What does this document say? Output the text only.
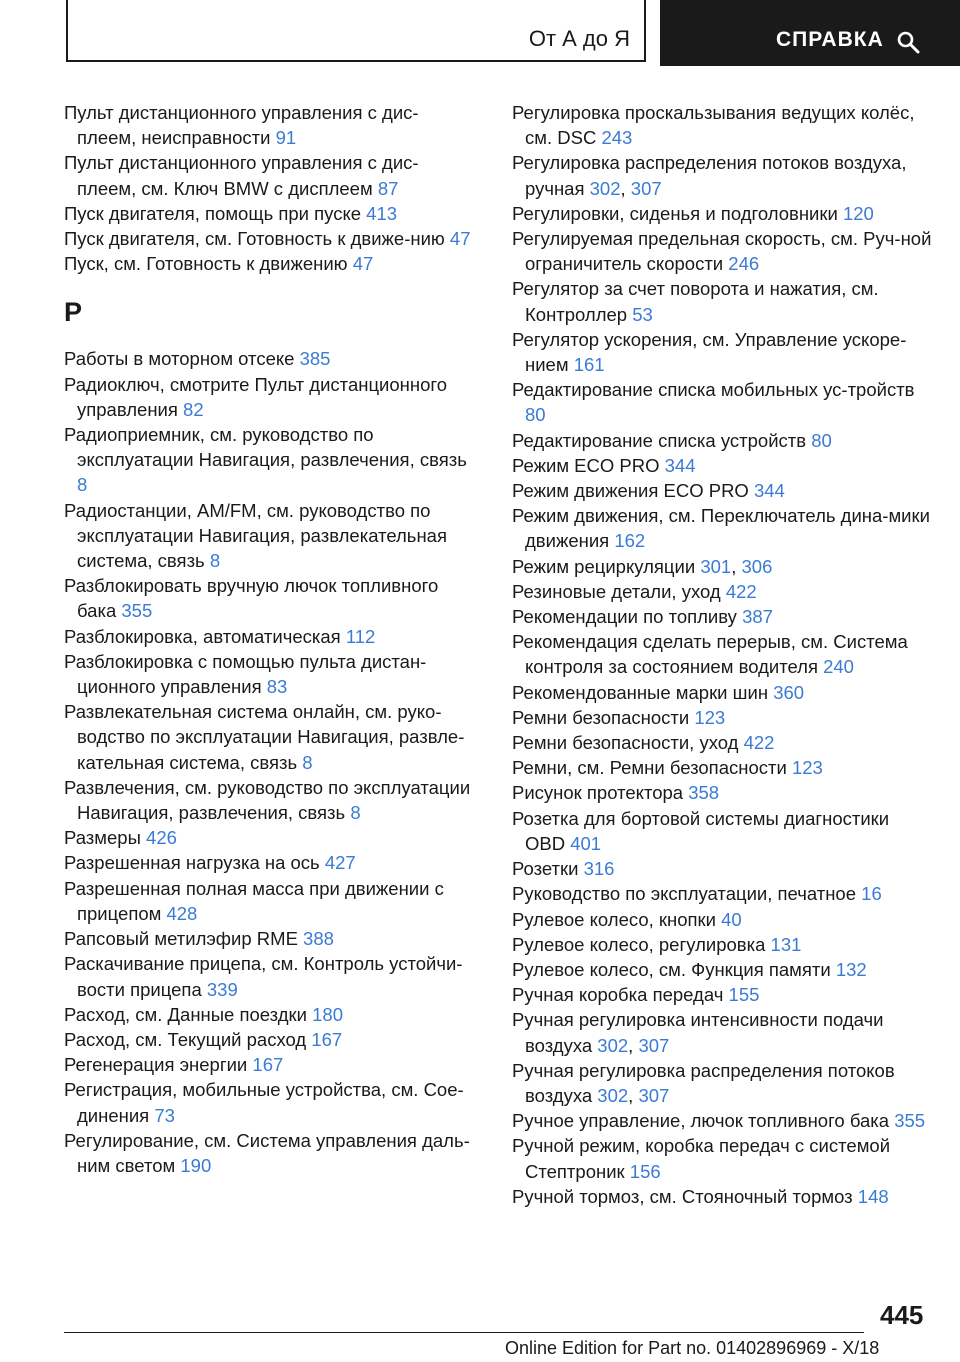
От А до Я	СПРАВКА
Пульт дистанционного управления с дис-плеем, неисправности 91
Пульт дистанционного управления с дис-плеем, см. Ключ BMW с дисплеем 87
Пуск двигателя, помощь при пуске 413
Пуск двигателя, см. Готовность к движе-нию 47
Пуск, см. Готовность к движению 47
Р
Работы в моторном отсеке 385
Радиоключ, смотрите Пульт дистанционного управления 82
Радиоприемник, см. руководство по эксплуатации Навигация, развлечения, связь 8
Радиостанции, AM/FM, см. руководство по эксплуатации Навигация, развлекательная система, связь 8
Разблокировать вручную лючок топливного бака 355
Разблокировка, автоматическая 112
Разблокировка с помощью пульта дистан-ционного управления 83
Развлекательная система онлайн, см. руко-водство по эксплуатации Навигация, развле-кательная система, связь 8
Развлечения, см. руководство по эксплуатации Навигация, развлечения, связь 8
Размеры 426
Разрешенная нагрузка на ось 427
Разрешенная полная масса при движении с прицепом 428
Рапсовый метилэфир RME 388
Раскачивание прицепа, см. Контроль устойчи-вости прицепа 339
Расход, см. Данные поездки 180
Расход, см. Текущий расход 167
Регенерация энергии 167
Регистрация, мобильные устройства, см. Сое-динения 73
Регулирование, см. Система управления даль-ним светом 190
Регулировка проскальзывания ведущих колёс, см. DSC 243
Регулировка распределения потоков воздуха, ручная 302, 307
Регулировки, сиденья и подголовники 120
Регулируемая предельная скорость, см. Руч-ной ограничитель скорости 246
Регулятор за счет поворота и нажатия, см. Контроллер 53
Регулятор ускорения, см. Управление ускоре-нием 161
Редактирование списка мобильных ус-тройств 80
Редактирование списка устройств 80
Режим ECO PRO 344
Режим движения ECO PRO 344
Режим движения, см. Переключатель дина-мики движения 162
Режим рециркуляции 301, 306
Резиновые детали, уход 422
Рекомендации по топливу 387
Рекомендация сделать перерыв, см. Система контроля за состоянием водителя 240
Рекомендованные марки шин 360
Ремни безопасности 123
Ремни безопасности, уход 422
Ремни, см. Ремни безопасности 123
Рисунок протектора 358
Розетка для бортовой системы диагностики OBD 401
Розетки 316
Руководство по эксплуатации, печатное 16
Рулевое колесо, кнопки 40
Рулевое колесо, регулировка 131
Рулевое колесо, см. Функция памяти 132
Ручная коробка передач 155
Ручная регулировка интенсивности подачи воздуха 302, 307
Ручная регулировка распределения потоков воздуха 302, 307
Ручное управление, лючок топливного бака 355
Ручной режим, коробка передач с системой Стептроник 156
Ручной тормоз, см. Стояночный тормоз 148
445
Online Edition for Part no. 01402896969 - X/18
